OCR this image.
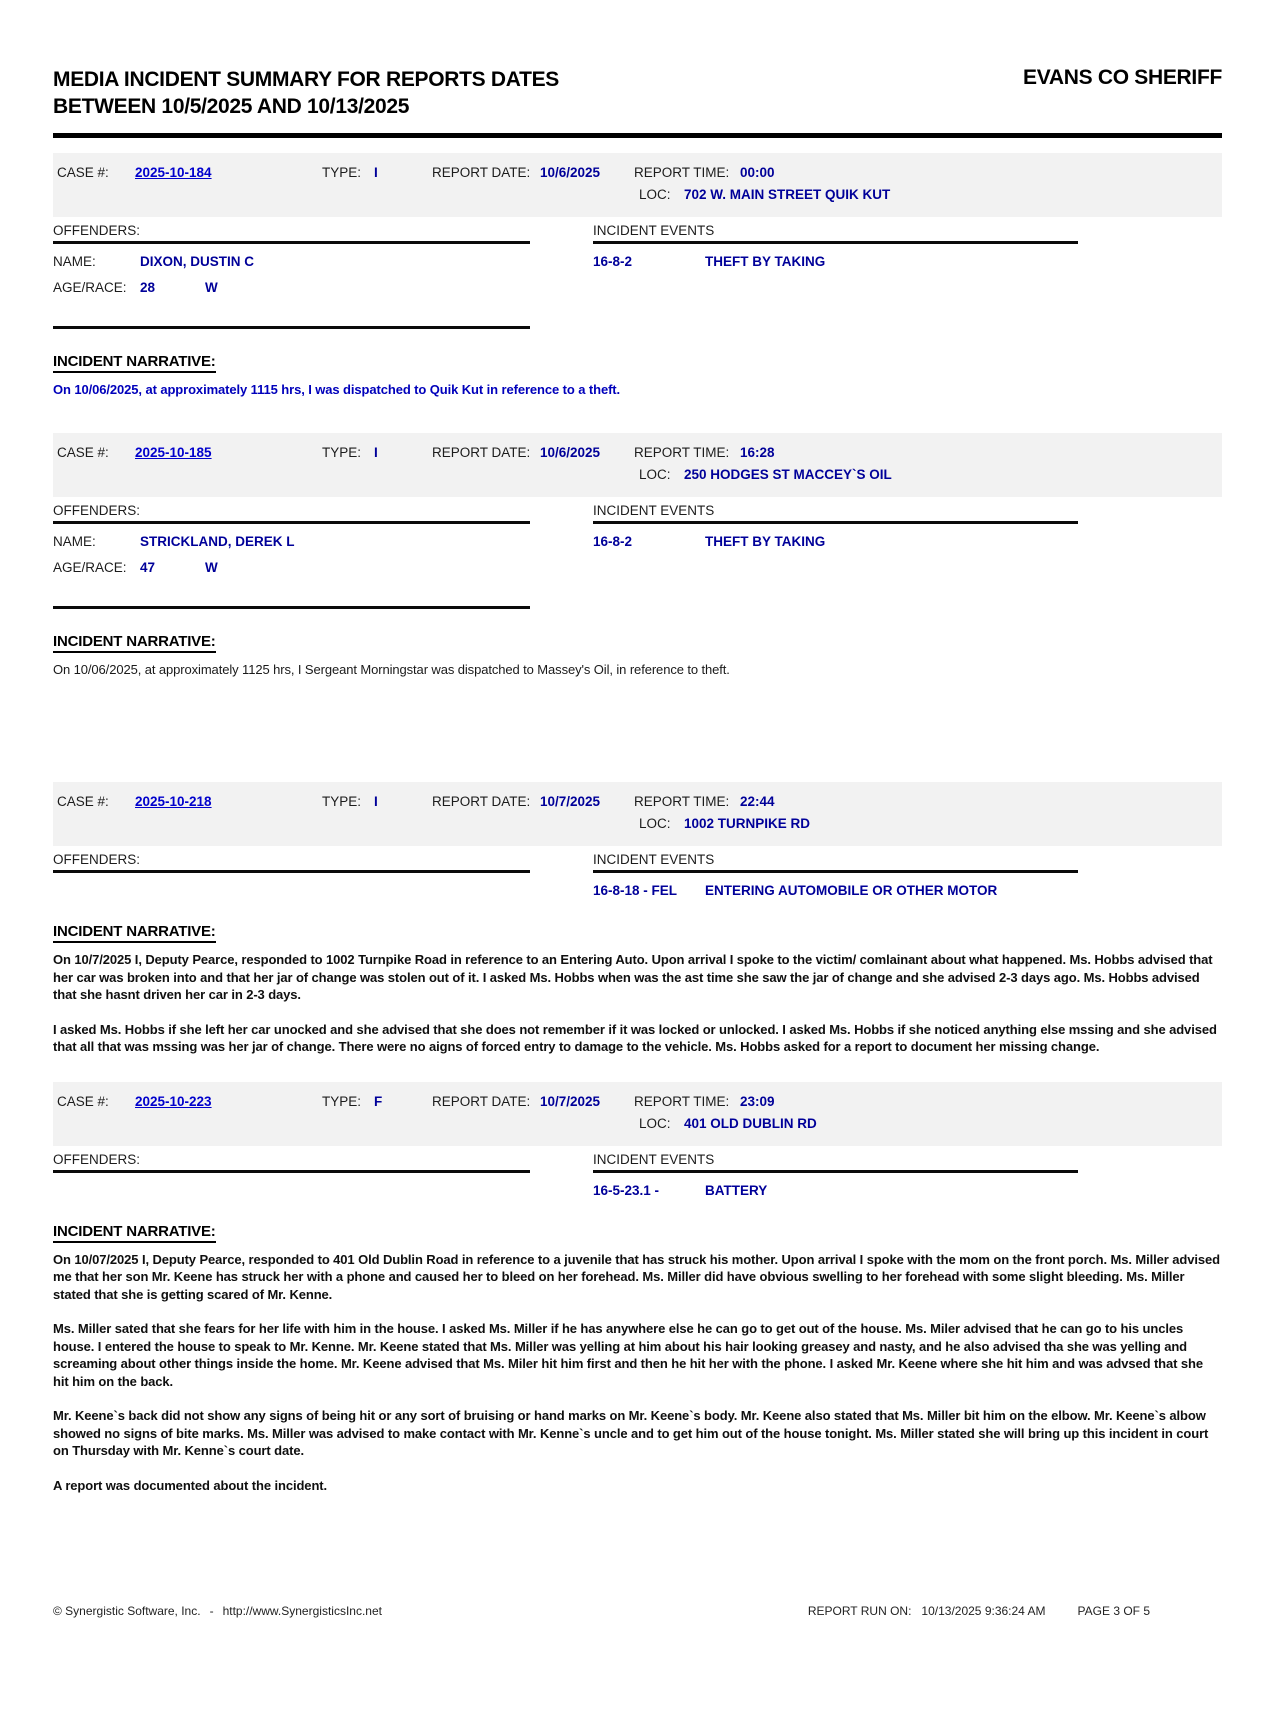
MEDIA INCIDENT SUMMARY FOR REPORTS DATES
BETWEEN 10/5/2025 AND 10/13/2025
EVANS CO SHERIFF
CASE #:	2025-10-184	TYPE: I	REPORT DATE: 10/6/2025	REPORT TIME: 00:00
LOC: 702 W. MAIN STREET QUIK KUT
OFFENDERS:
NAME:	DIXON, DUSTIN C
AGE/RACE: 28	W
INCIDENT EVENTS
16-8-2	THEFT BY TAKING
INCIDENT NARRATIVE:

On 10/06/2025, at approximately 1115 hrs, I was dispatched to Quik Kut in reference to a theft.

CASE #:	2025-10-185	TYPE: I	REPORT DATE: 10/6/2025	REPORT TIME: 16:28
LOC: 250 HODGES ST MACCEY`S OIL
OFFENDERS:
NAME:	STRICKLAND, DEREK L
AGE/RACE: 47	W
INCIDENT EVENTS
16-8-2	THEFT BY TAKING
INCIDENT NARRATIVE:

On 10/06/2025, at approximately 1125 hrs, I Sergeant Morningstar was dispatched to Massey's Oil, in reference to theft.

CASE #:	2025-10-218	TYPE: I	REPORT DATE: 10/7/2025	REPORT TIME: 22:44
LOC: 1002 TURNPIKE RD
OFFENDERS:	INCIDENT EVENTS
16-8-18 - FEL	ENTERING AUTOMOBILE OR OTHER MOTOR
INCIDENT NARRATIVE:

On 10/7/2025 I, Deputy Pearce, responded to 1002 Turnpike Road in reference to an Entering Auto. Upon arrival I spoke to the victim/ comlainant about what happened. Ms. Hobbs advised that her car was broken into and that her jar of change was stolen out of it. I asked Ms. Hobbs when was the ast time she saw the jar of change and she advised 2-3 days ago. Ms. Hobbs advised that she hasnt driven her car in 2-3 days.

I asked Ms. Hobbs if she left her car unocked and she advised that she does not remember if it was locked or unlocked. I asked Ms. Hobbs if she noticed anything else mssing and she advised that all that was mssing was her jar of change. There were no aigns of forced entry to damage to the vehicle. Ms. Hobbs asked for a report to document her missing change.

CASE #:	2025-10-223	TYPE: F	REPORT DATE: 10/7/2025	REPORT TIME: 23:09
LOC: 401 OLD DUBLIN RD
OFFENDERS:	INCIDENT EVENTS
16-5-23.1 -	BATTERY
INCIDENT NARRATIVE:

On 10/07/2025 I, Deputy Pearce, responded to 401 Old Dublin Road in reference to a juvenile that has struck his mother. Upon arrival I spoke with the mom on the front porch. Ms. Miller advised me that her son Mr. Keene has struck her with a phone and caused her to bleed on her forehead. Ms. Miller did have obvious swelling to her forehead with some slight bleeding. Ms. Miller stated that she is getting scared of Mr. Kenne.

Ms. Miller sated that she fears for her life with him in the house. I asked Ms. Miller if he has anywhere else he can go to get out of the house. Ms. Miler advised that he can go to his uncles house. I entered the house to speak to Mr. Kenne. Mr. Keene stated that Ms. Miller was yelling at him about his hair looking greasey and nasty, and he also advised tha she was yelling and screaming about other things inside the home. Mr. Keene advised that Ms. Miler hit him first and then he hit her with the phone. I asked Mr. Keene where she hit him and was advsed that she hit him on the back.

Mr. Keene`s back did not show any signs of being hit or any sort of bruising or hand marks on Mr. Keene`s body. Mr. Keene also stated that Ms. Miller bit him on the elbow. Mr. Keene`s albow showed no signs of bite marks. Ms. Miller was advised to make contact with Mr. Kenne`s uncle and to get him out of the house tonight. Ms. Miller stated she will bring up this incident in court on Thursday with Mr. Kenne`s court date.

A report was documented about the incident.

© Synergistic Software, Inc. - http://www.SynergisticsInc.net	REPORT RUN ON: 10/13/2025 9:36:24 AM	PAGE 3 OF 5
